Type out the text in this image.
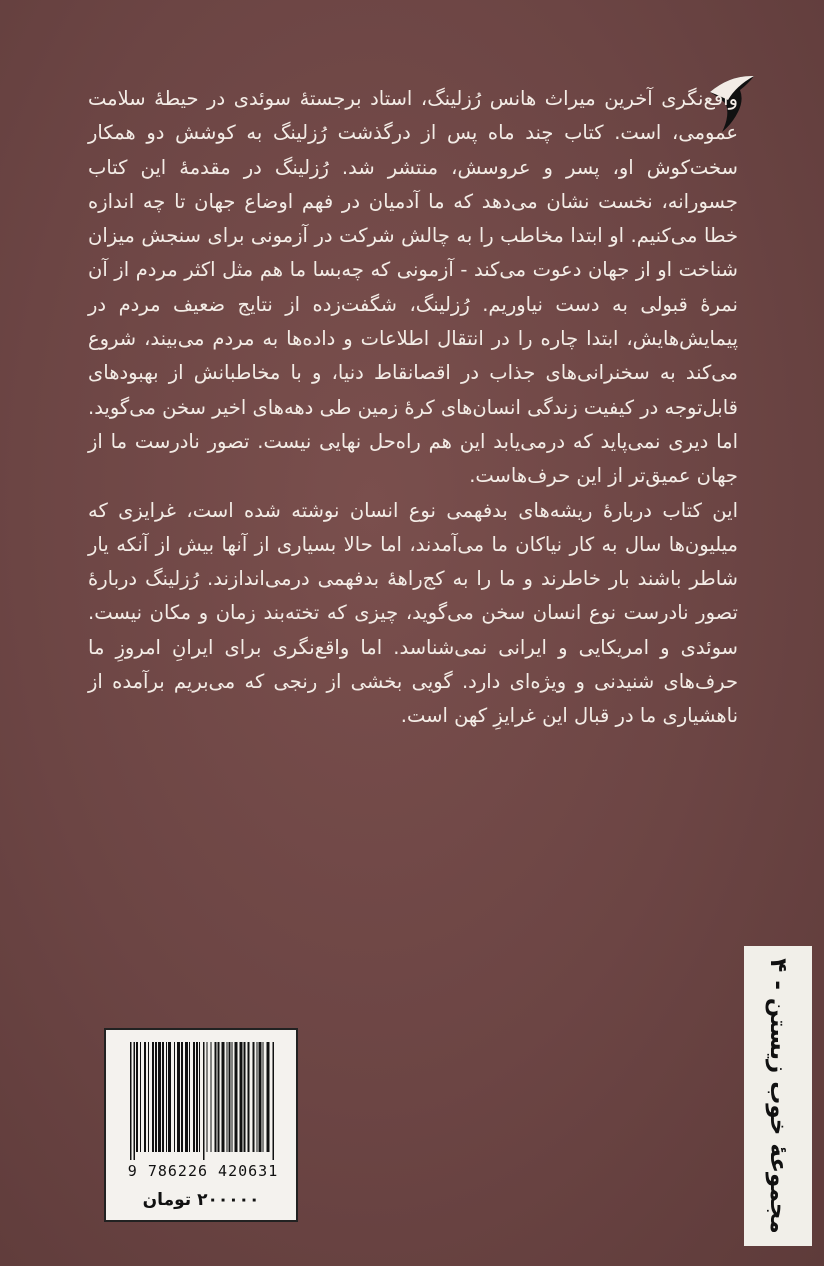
واقع‌نگری آخرین میراث هانس رُزلینگ، استاد برجستهٔ سوئدی در حیطهٔ سلامت عمومی، است. کتاب چند ماه پس از درگذشت رُزلینگ به کوشش دو همکار سخت‌کوش او، پسر و عروسش، منتشر شد. رُزلینگ در مقدمهٔ این کتاب جسورانه، نخست نشان می‌دهد که ما آدمیان در فهم اوضاع جهان تا چه اندازه خطا می‌کنیم. او ابتدا مخاطب را به چالش شرکت در آزمونی برای سنجش میزان شناخت او از جهان دعوت می‌کند - آزمونی که چه‌بسا ما هم مثل اکثر مردم از آن نمرهٔ قبولی به دست نیاوریم. رُزلینگ، شگفت‌زده از نتایج ضعیف مردم در پیمایش‌هایش، ابتدا چاره را در انتقال اطلاعات و داده‌ها به مردم می‌بیند، شروع می‌کند به سخنرانی‌های جذاب در اقصانقاط دنیا، و با مخاطبانش از بهبودهای قابل‌توجه در کیفیت زندگی انسان‌های کرهٔ زمین طی دهه‌های اخیر سخن می‌گوید. اما دیری نمی‌پاید که درمی‌یابد این هم راه‌حل نهایی نیست. تصور نادرست ما از جهان عمیق‌تر از این حرف‌هاست.

این کتاب دربارهٔ ریشه‌های بدفهمی نوع انسان نوشته شده است، غرایزی که میلیون‌ها سال به کار نیاکان ما می‌آمدند، اما حالا بسیاری از آنها بیش از آنکه یار شاطر باشند بار خاطرند و ما را به کج‌راههٔ بدفهمی درمی‌اندازند. رُزلینگ دربارهٔ تصور نادرست نوع انسان سخن می‌گوید، چیزی که تخته‌بند زمان و مکان نیست. سوئدی و امریکایی و ایرانی نمی‌شناسد. اما واقع‌نگری برای ایرانِ امروزِ ما حرف‌های شنیدنی و ویژه‌ای دارد. گویی بخشی از رنجی که می‌بریم برآمده از ناهشیاری ما در قبال این غرایزِ کهن است.

مجموعهٔ خوب زیستن - ۴
9 786226 420631
۲۰۰۰۰۰ تومان
